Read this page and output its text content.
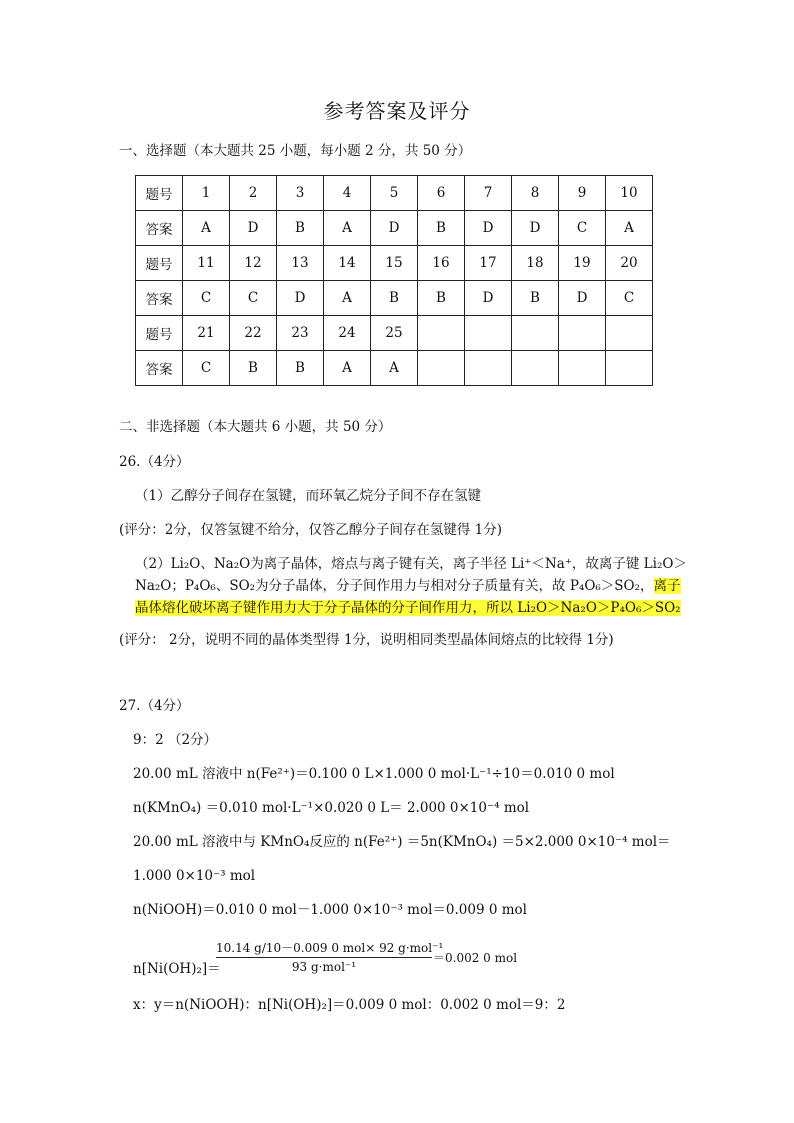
参考答案及评分
一、选择题（本大题共 25 小题，每小题 2 分，共 50 分）
题号	1	2	3	4	5	6	7	8	9	10
答案	A	D	B	A	D	B	D	D	C	A
题号	11	12	13	14	15	16	17	18	19	20
答案	C	C	D	A	B	B	D	B	D	C
题号	21	22	23	24	25					
答案	C	B	B	A	A					
二、非选择题（本大题共 6 小题，共 50 分）
26.（4分）
（1）乙醇分子间存在氢键，而环氧乙烷分子间不存在氢键
(评分：2分，仅答氢键不给分，仅答乙醇分子间存在氢键得 1分)
（2）Li₂O、Na₂O为离子晶体，熔点与离子键有关，离子半径 Li⁺＜Na⁺，故离子键 Li₂O＞
Na₂O；P₄O₆、SO₂为分子晶体，分子间作用力与相对分子质量有关，故 P₄O₆＞SO₂，离子
晶体熔化破坏离子键作用力大于分子晶体的分子间作用力，所以 Li₂O＞Na₂O＞P₄O₆＞SO₂
(评分： 2分，说明不同的晶体类型得 1分，说明相同类型晶体间熔点的比较得 1分)
27.（4分）
9：2 （2分）
20.00 mL 溶液中 n(Fe²⁺)＝0.100 0 L×1.000 0 mol·L⁻¹÷10＝0.010 0 mol
n(KMnO₄) ＝0.010 mol·L⁻¹×0.020 0 L＝ 2.000 0×10⁻⁴ mol
20.00 mL 溶液中与 KMnO₄反应的 n(Fe²⁺) ＝5n(KMnO₄) ＝5×2.000 0×10⁻⁴ mol＝
1.000 0×10⁻³ mol
n(NiOOH)＝0.010 0 mol－1.000 0×10⁻³ mol＝0.009 0 mol
n[Ni(OH)₂]＝
10.14 g/10－0.009 0 mol× 92 g·mol⁻¹
93 g·mol⁻¹
＝0.002 0 mol
x：y＝n(NiOOH)：n[Ni(OH)₂]＝0.009 0 mol：0.002 0 mol＝9：2
